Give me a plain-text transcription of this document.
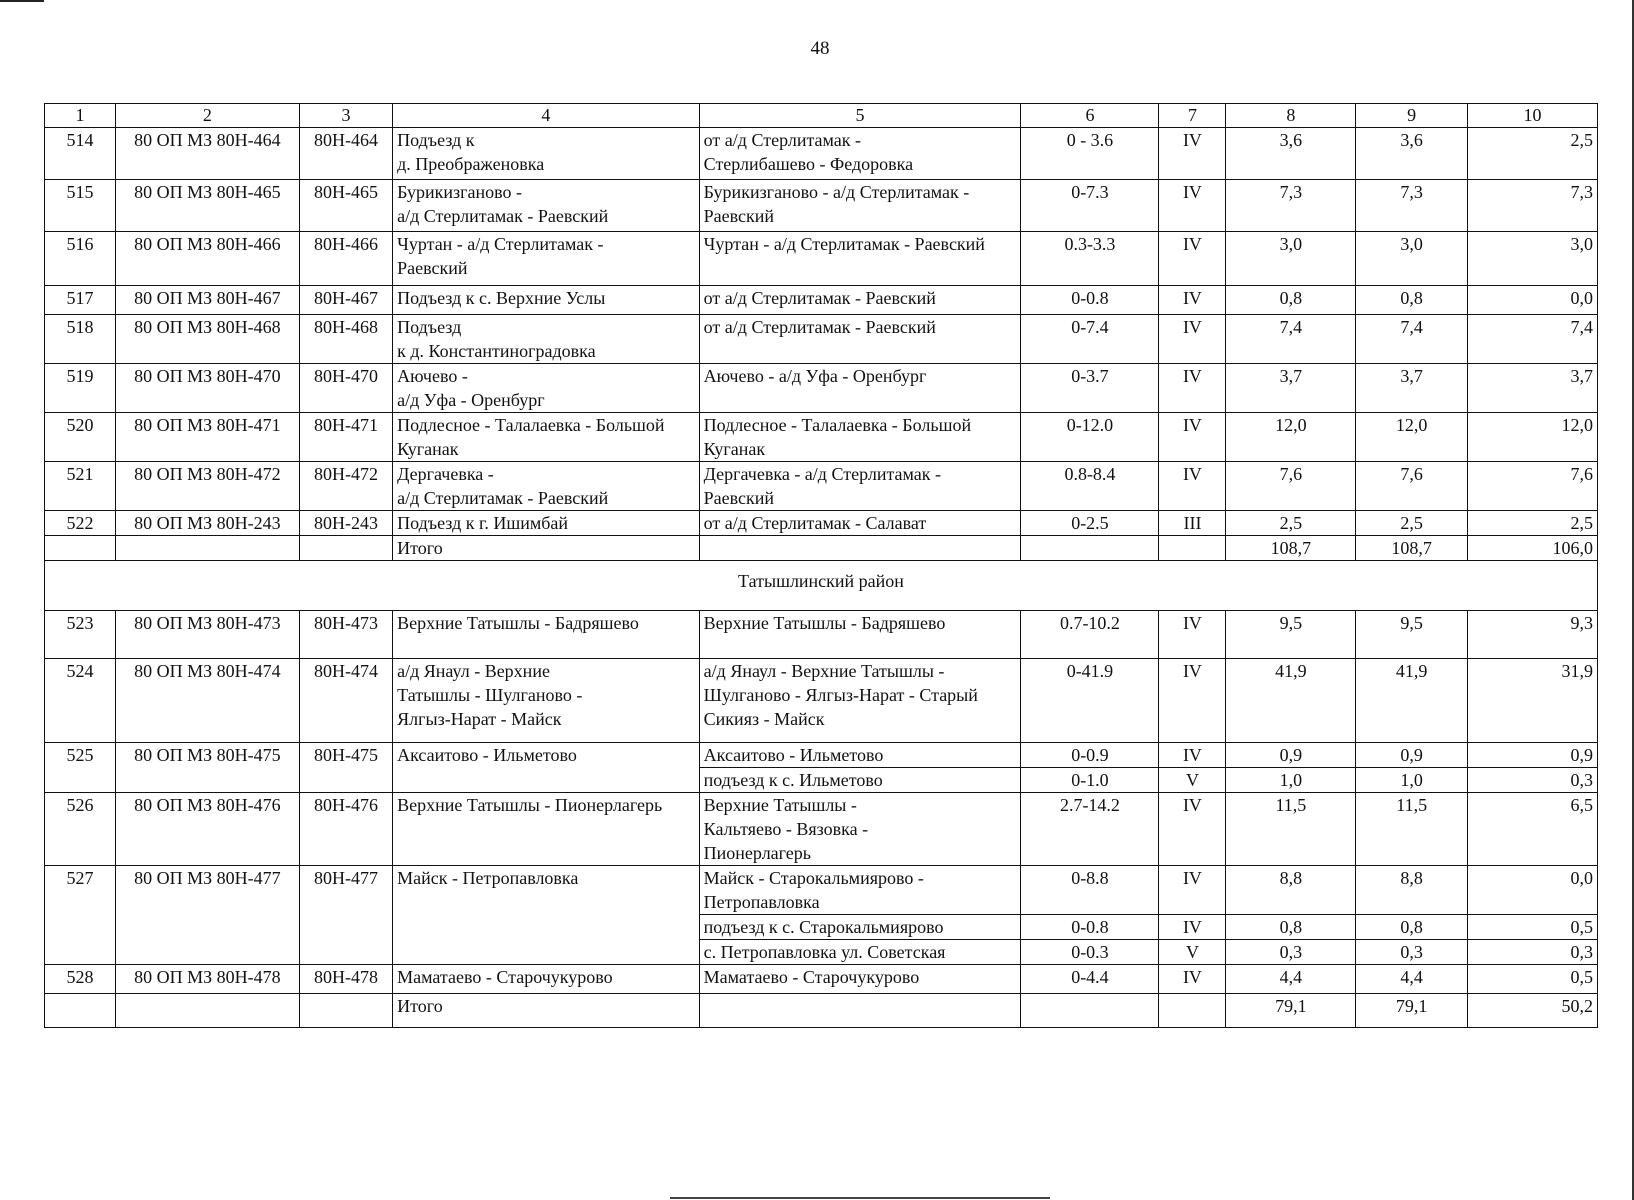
48
1	2	3	4	5	6	7	8	9	10
514	80 ОП МЗ 80Н-464	80Н-464	Подъезд к
д. Преображеновка	от а/д Стерлитамак -
Стерлибашево - Федоровка	0 - 3.6	IV	3,6	3,6	2,5
515	80 ОП МЗ 80Н-465	80Н-465	Бурикизганово -
а/д Стерлитамак - Раевский	Бурикизганово - а/д Стерлитамак -
Раевский	0-7.3	IV	7,3	7,3	7,3
516	80 ОП МЗ 80Н-466	80Н-466	Чуртан - а/д Стерлитамак -
Раевский	Чуртан - а/д Стерлитамак - Раевский	0.3-3.3	IV	3,0	3,0	3,0
517	80 ОП МЗ 80Н-467	80Н-467	Подъезд к с. Верхние Услы	от а/д Стерлитамак - Раевский	0-0.8	IV	0,8	0,8	0,0
518	80 ОП МЗ 80Н-468	80Н-468	Подъезд
к д. Константиноградовка	от а/д Стерлитамак - Раевский	0-7.4	IV	7,4	7,4	7,4
519	80 ОП МЗ 80Н-470	80Н-470	Аючево -
а/д Уфа - Оренбург	Аючево - а/д Уфа - Оренбург	0-3.7	IV	3,7	3,7	3,7
520	80 ОП МЗ 80Н-471	80Н-471	Подлесное - Талалаевка - Большой
Куганак	Подлесное - Талалаевка - Большой
Куганак	0-12.0	IV	12,0	12,0	12,0
521	80 ОП МЗ 80Н-472	80Н-472	Дергачевка -
а/д Стерлитамак - Раевский	Дергачевка - а/д Стерлитамак -
Раевский	0.8-8.4	IV	7,6	7,6	7,6
522	80 ОП МЗ 80Н-243	80Н-243	Подъезд к г. Ишимбай	от а/д Стерлитамак - Салават	0-2.5	III	2,5	2,5	2,5
			Итого				108,7	108,7	106,0
Татышлинский район									
523	80 ОП МЗ 80Н-473	80Н-473	Верхние Татышлы - Бадряшево	Верхние Татышлы - Бадряшево	0.7-10.2	IV	9,5	9,5	9,3
524	80 ОП МЗ 80Н-474	80Н-474	а/д Янаул - Верхние
Татышлы - Шулганово -
Ялгыз-Нарат - Майск	а/д Янаул - Верхние Татышлы -
Шулганово - Ялгыз-Нарат - Старый
Сикияз - Майск	0-41.9	IV	41,9	41,9	31,9
525	80 ОП МЗ 80Н-475	80Н-475	Аксаитово - Ильметово	Аксаитово - Ильметово	0-0.9	IV	0,9	0,9	0,9
				подъезд к с. Ильметово	0-1.0	V	1,0	1,0	0,3
526	80 ОП МЗ 80Н-476	80Н-476	Верхние Татышлы - Пионерлагерь	Верхние Татышлы -
Кальтяево - Вязовка -
Пионерлагерь	2.7-14.2	IV	11,5	11,5	6,5
527	80 ОП МЗ 80Н-477	80Н-477	Майск - Петропавловка	Майск - Старокальмиярово -
Петропавловка	0-8.8	IV	8,8	8,8	0,0
				подъезд к с. Старокальмиярово	0-0.8	IV	0,8	0,8	0,5
				с. Петропавловка ул. Советская	0-0.3	V	0,3	0,3	0,3
528	80 ОП МЗ 80Н-478	80Н-478	Маматаево - Старочукурово	Маматаево - Старочукурово	0-4.4	IV	4,4	4,4	0,5
			Итого				79,1	79,1	50,2
